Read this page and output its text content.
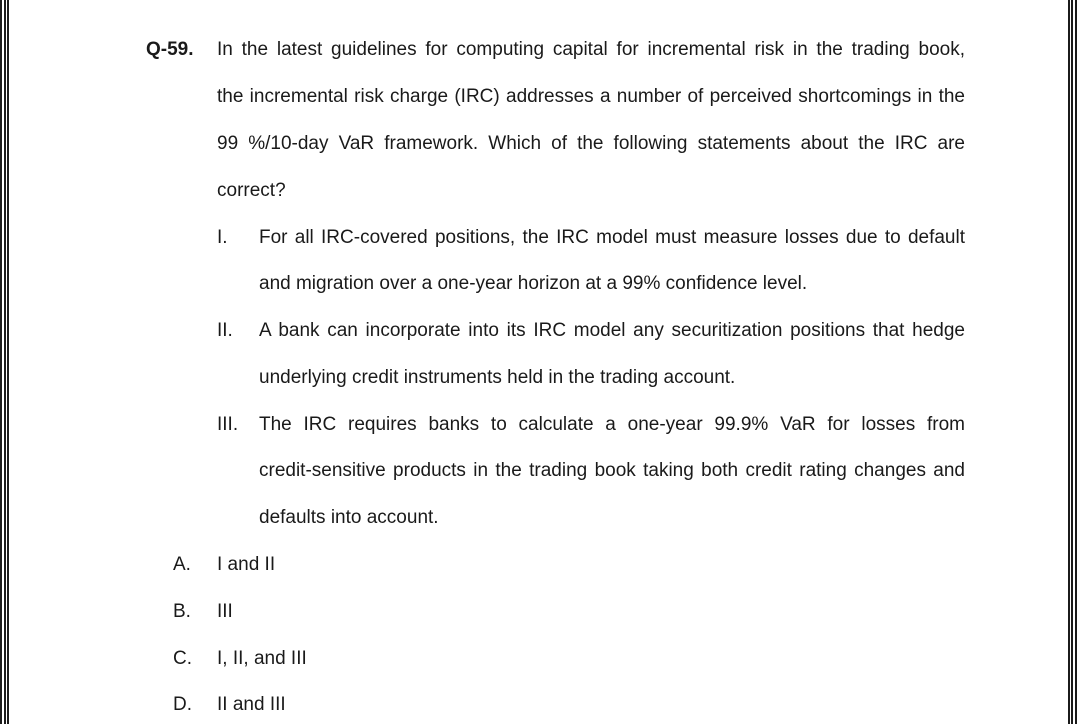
Q-59. In the latest guidelines for computing capital for incremental risk in the trading book,
the incremental risk charge (IRC) addresses a number of perceived shortcomings in the
99 %/10-day VaR framework. Which of the following statements about the IRC are
correct?
I. For all IRC-covered positions, the IRC model must measure losses due to default
and migration over a one-year horizon at a 99% confidence level.
II. A bank can incorporate into its IRC model any securitization positions that hedge
underlying credit instruments held in the trading account.
III. The IRC requires banks to calculate a one-year 99.9% VaR for losses from
credit-sensitive products in the trading book taking both credit rating changes and
defaults into account.
A. I and II
B. III
C. I, II, and III
D. II and III
